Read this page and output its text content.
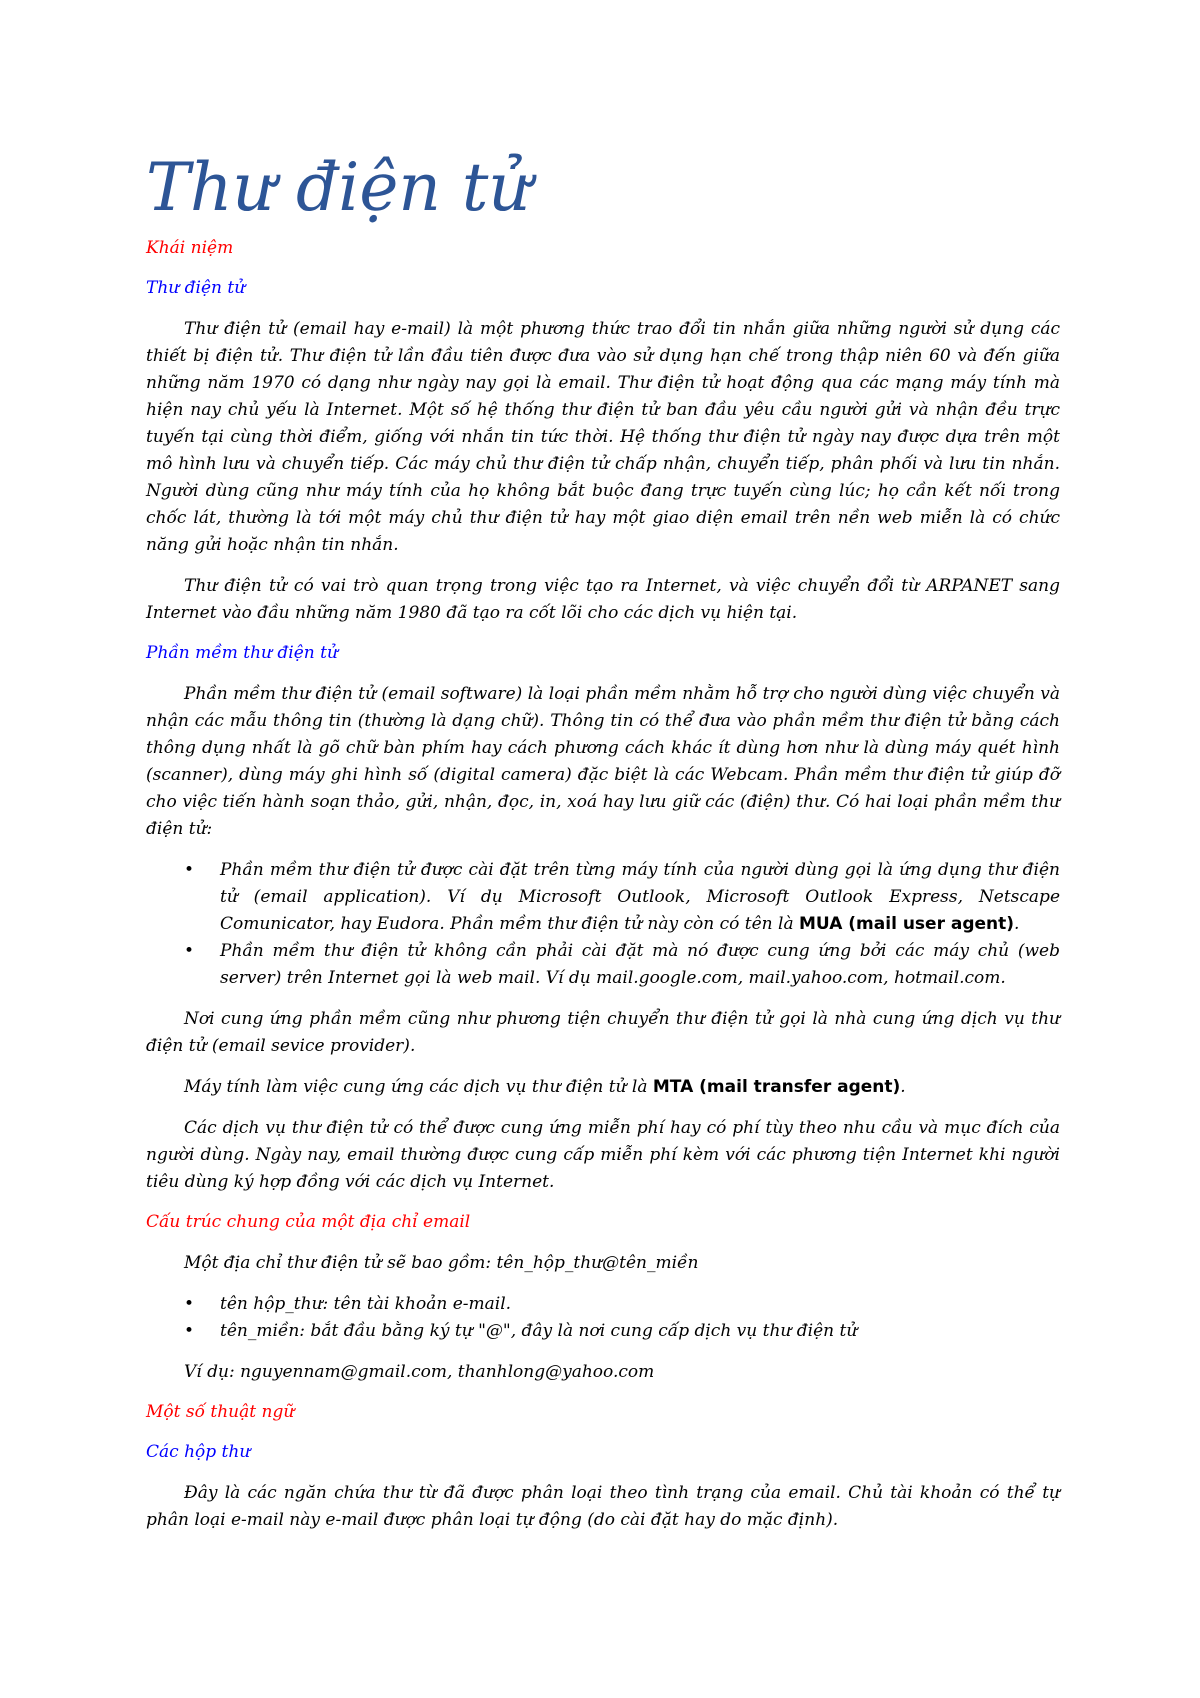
Thư điện tử
Khái niệm
Thư điện tử

Thư điện tử (email hay e-mail) là một phương thức trao đổi tin nhắn giữa những người sử dụng các thiết bị điện tử. Thư điện tử lần đầu tiên được đưa vào sử dụng hạn chế trong thập niên 60 và đến giữa những năm 1970 có dạng như ngày nay gọi là email. Thư điện tử hoạt động qua các mạng máy tính mà hiện nay chủ yếu là Internet. Một số hệ thống thư điện tử ban đầu yêu cầu người gửi và nhận đều trực tuyến tại cùng thời điểm, giống với nhắn tin tức thời. Hệ thống thư điện tử ngày nay được dựa trên một mô hình lưu và chuyển tiếp. Các máy chủ thư điện tử chấp nhận, chuyển tiếp, phân phối và lưu tin nhắn. Người dùng cũng như máy tính của họ không bắt buộc đang trực tuyến cùng lúc; họ cần kết nối trong chốc lát, thường là tới một máy chủ thư điện tử hay một giao diện email trên nền web miễn là có chức năng gửi hoặc nhận tin nhắn.

Thư điện tử có vai trò quan trọng trong việc tạo ra Internet, và việc chuyển đổi từ ARPANET sang Internet vào đầu những năm 1980 đã tạo ra cốt lõi cho các dịch vụ hiện tại.

Phần mềm thư điện tử

Phần mềm thư điện tử (email software) là loại phần mềm nhằm hỗ trợ cho người dùng việc chuyển và nhận các mẫu thông tin (thường là dạng chữ). Thông tin có thể đưa vào phần mềm thư điện tử bằng cách thông dụng nhất là gõ chữ bàn phím hay cách phương cách khác ít dùng hơn như là dùng máy quét hình (scanner), dùng máy ghi hình số (digital camera) đặc biệt là các Webcam. Phần mềm thư điện tử giúp đỡ cho việc tiến hành soạn thảo, gửi, nhận, đọc, in, xoá hay lưu giữ các (điện) thư. Có hai loại phần mềm thư điện tử:

• Phần mềm thư điện tử được cài đặt trên từng máy tính của người dùng gọi là ứng dụng thư điện tử (email application). Ví dụ Microsoft Outlook, Microsoft Outlook Express, Netscape Comunicator, hay Eudora. Phần mềm thư điện tử này còn có tên là MUA (mail user agent).
• Phần mềm thư điện tử không cần phải cài đặt mà nó được cung ứng bởi các máy chủ (web server) trên Internet gọi là web mail. Ví dụ mail.google.com, mail.yahoo.com, hotmail.com.

Nơi cung ứng phần mềm cũng như phương tiện chuyển thư điện tử gọi là nhà cung ứng dịch vụ thư điện tử (email sevice provider).

Máy tính làm việc cung ứng các dịch vụ thư điện tử là MTA (mail transfer agent).

Các dịch vụ thư điện tử có thể được cung ứng miễn phí hay có phí tùy theo nhu cầu và mục đích của người dùng. Ngày nay, email thường được cung cấp miễn phí kèm với các phương tiện Internet khi người tiêu dùng ký hợp đồng với các dịch vụ Internet.

Cấu trúc chung của một địa chỉ email

Một địa chỉ thư điện tử sẽ bao gồm: tên_hộp_thư@tên_miền

• tên hộp_thư: tên tài khoản e-mail.
• tên_miền: bắt đầu bằng ký tự "@", đây là nơi cung cấp dịch vụ thư điện tử

Ví dụ: nguyennam@gmail.com, thanhlong@yahoo.com

Một số thuật ngữ
Các hộp thư

Đây là các ngăn chứa thư từ đã được phân loại theo tình trạng của email. Chủ tài khoản có thể tự phân loại e-mail này e-mail được phân loại tự động (do cài đặt hay do mặc định).
